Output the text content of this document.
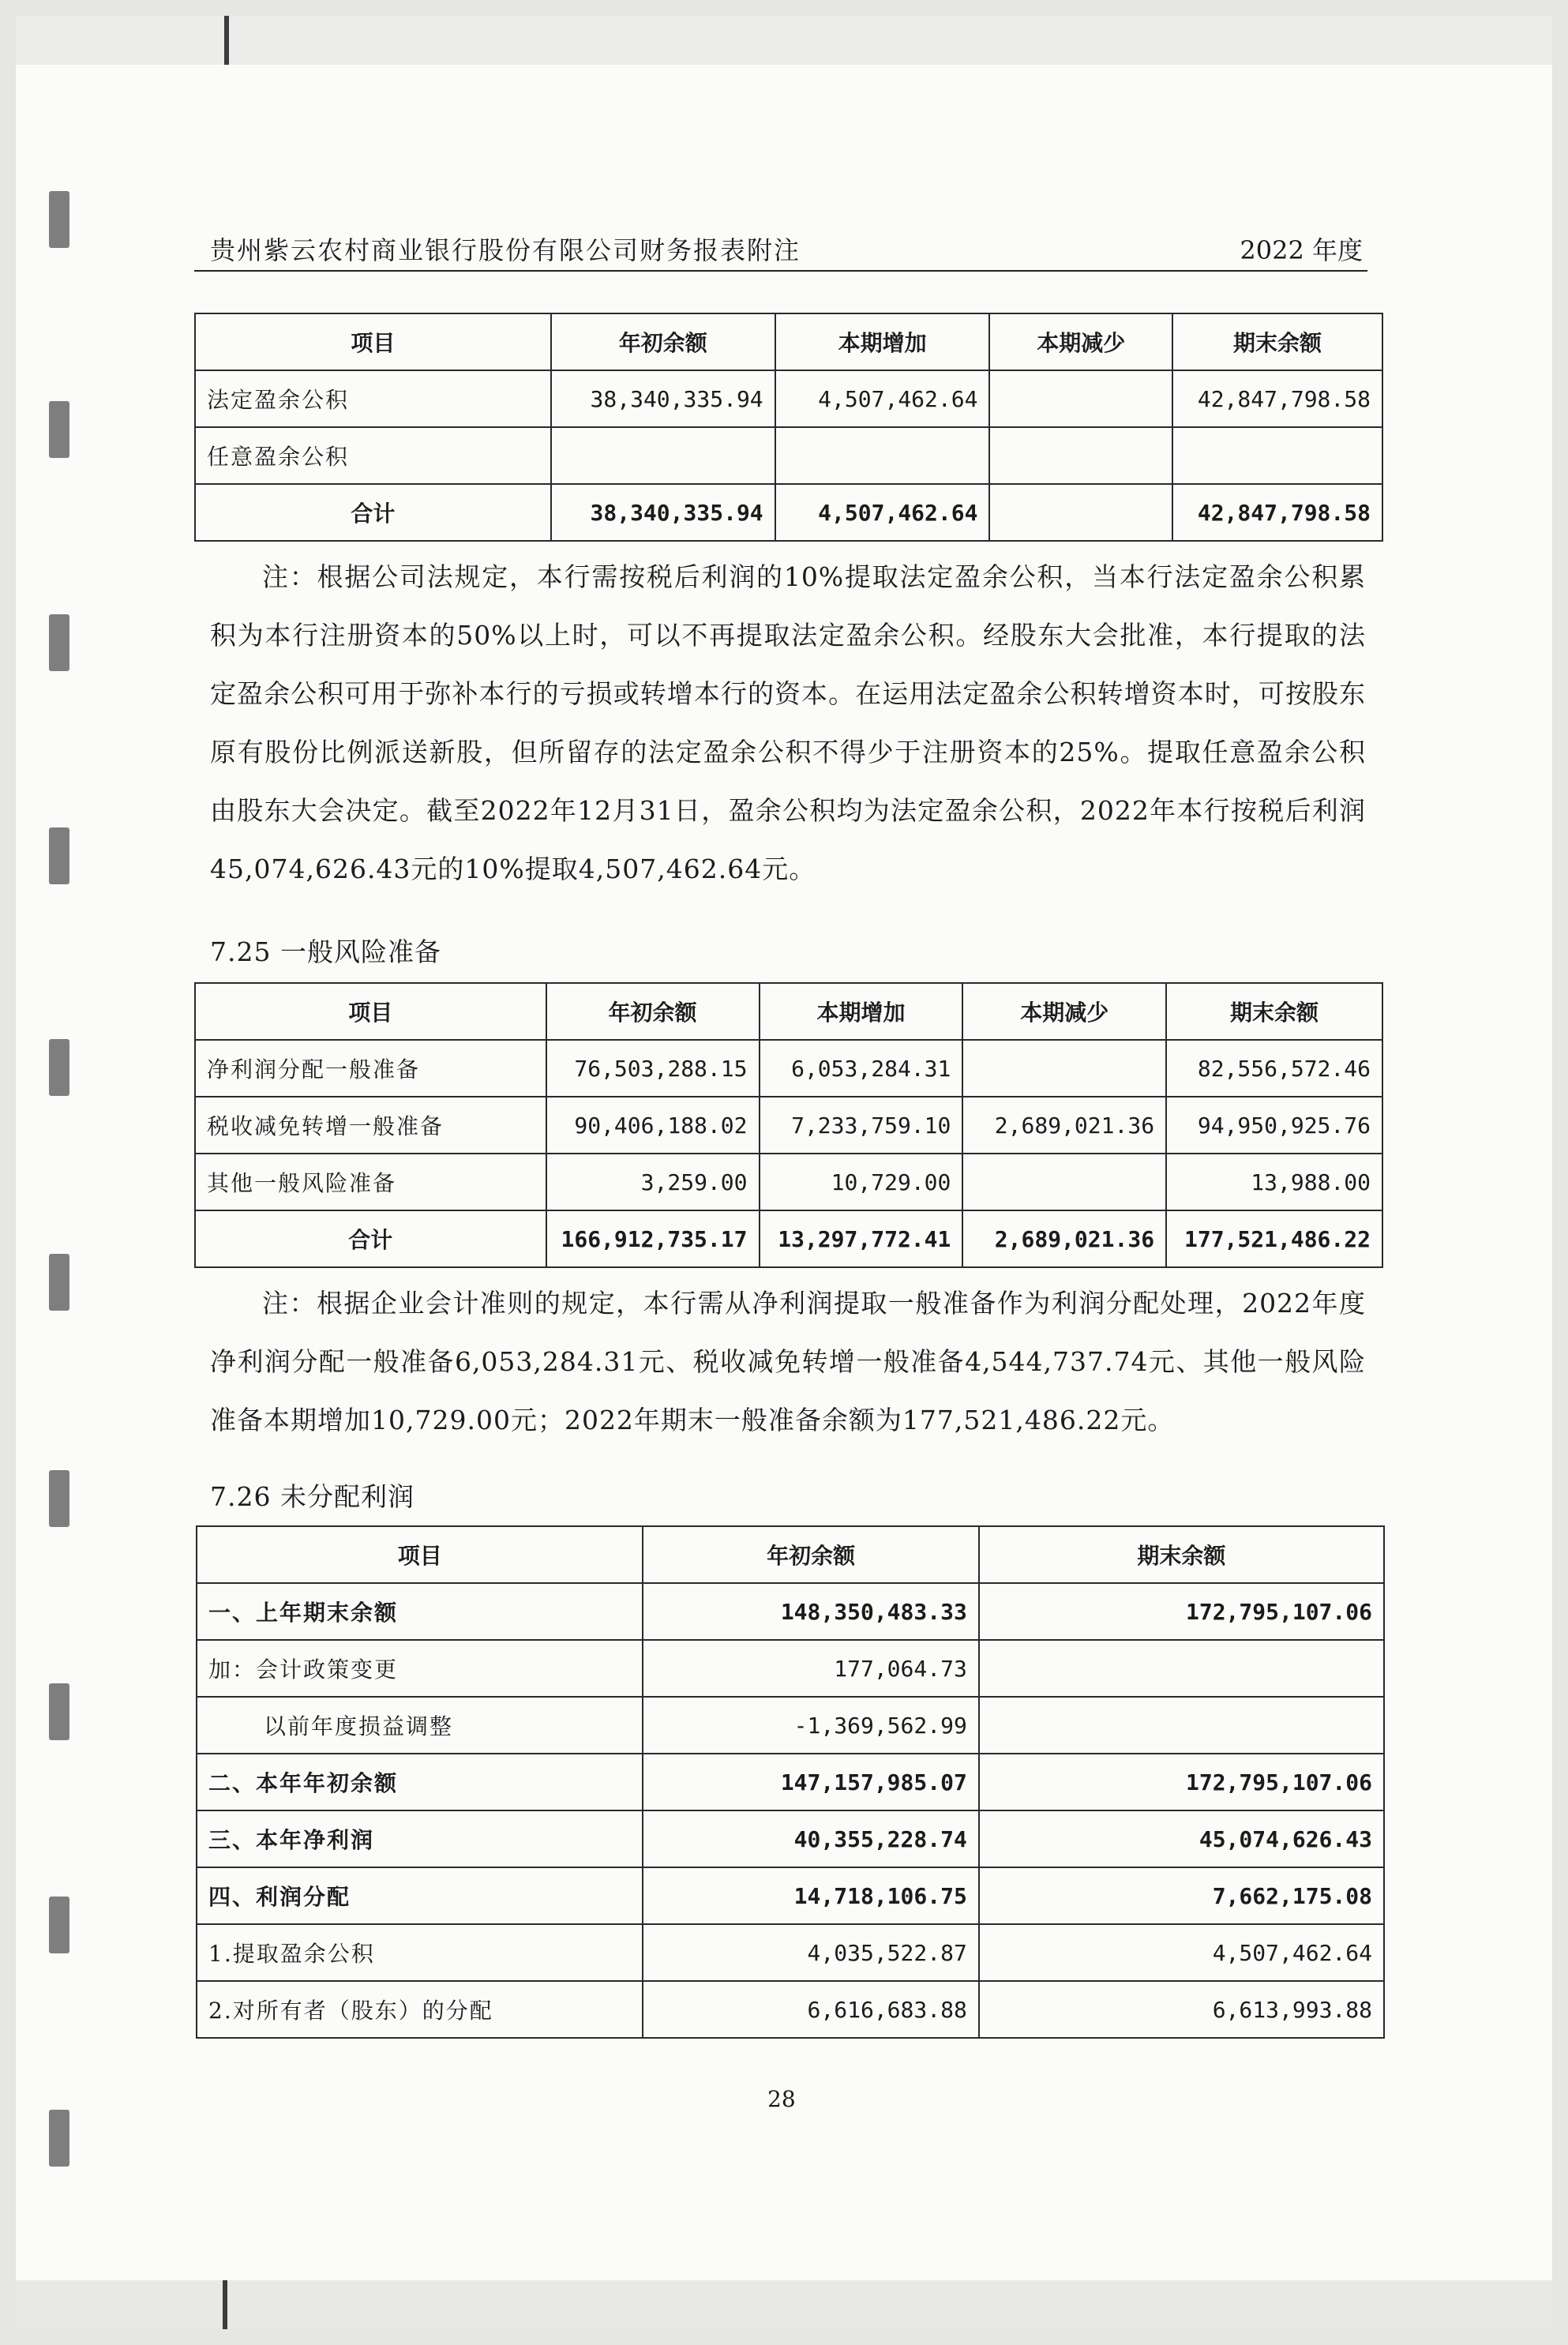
贵州紫云农村商业银行股份有限公司财务报表附注	2022 年度
项目	年初余额	本期增加	本期减少	期末余额
法定盈余公积	38,340,335.94	4,507,462.64		42,847,798.58
任意盈余公积				
合计	38,340,335.94	4,507,462.64		42,847,798.58
注：根据公司法规定，本行需按税后利润的10%提取法定盈余公积，当本行法定盈余公积累积为本行注册资本的50%以上时，可以不再提取法定盈余公积。经股东大会批准，本行提取的法定盈余公积可用于弥补本行的亏损或转增本行的资本。在运用法定盈余公积转增资本时，可按股东原有股份比例派送新股，但所留存的法定盈余公积不得少于注册资本的25%。提取任意盈余公积由股东大会决定。截至2022年12月31日，盈余公积均为法定盈余公积，2022年本行按税后利润45,074,626.43元的10%提取4,507,462.64元。
7.25 一般风险准备
项目	年初余额	本期增加	本期减少	期末余额
净利润分配一般准备	76,503,288.15	6,053,284.31		82,556,572.46
税收减免转增一般准备	90,406,188.02	7,233,759.10	2,689,021.36	94,950,925.76
其他一般风险准备	3,259.00	10,729.00		13,988.00
合计	166,912,735.17	13,297,772.41	2,689,021.36	177,521,486.22
注：根据企业会计准则的规定，本行需从净利润提取一般准备作为利润分配处理，2022年度净利润分配一般准备6,053,284.31元、税收减免转增一般准备4,544,737.74元、其他一般风险准备本期增加10,729.00元；2022年期末一般准备余额为177,521,486.22元。
7.26 未分配利润
项目	年初余额	期末余额
一、上年期末余额	148,350,483.33	172,795,107.06
加：会计政策变更	177,064.73	
以前年度损益调整	-1,369,562.99	
二、本年年初余额	147,157,985.07	172,795,107.06
三、本年净利润	40,355,228.74	45,074,626.43
四、利润分配	14,718,106.75	7,662,175.08
1.提取盈余公积	4,035,522.87	4,507,462.64
2.对所有者（股东）的分配	6,616,683.88	6,613,993.88
28
